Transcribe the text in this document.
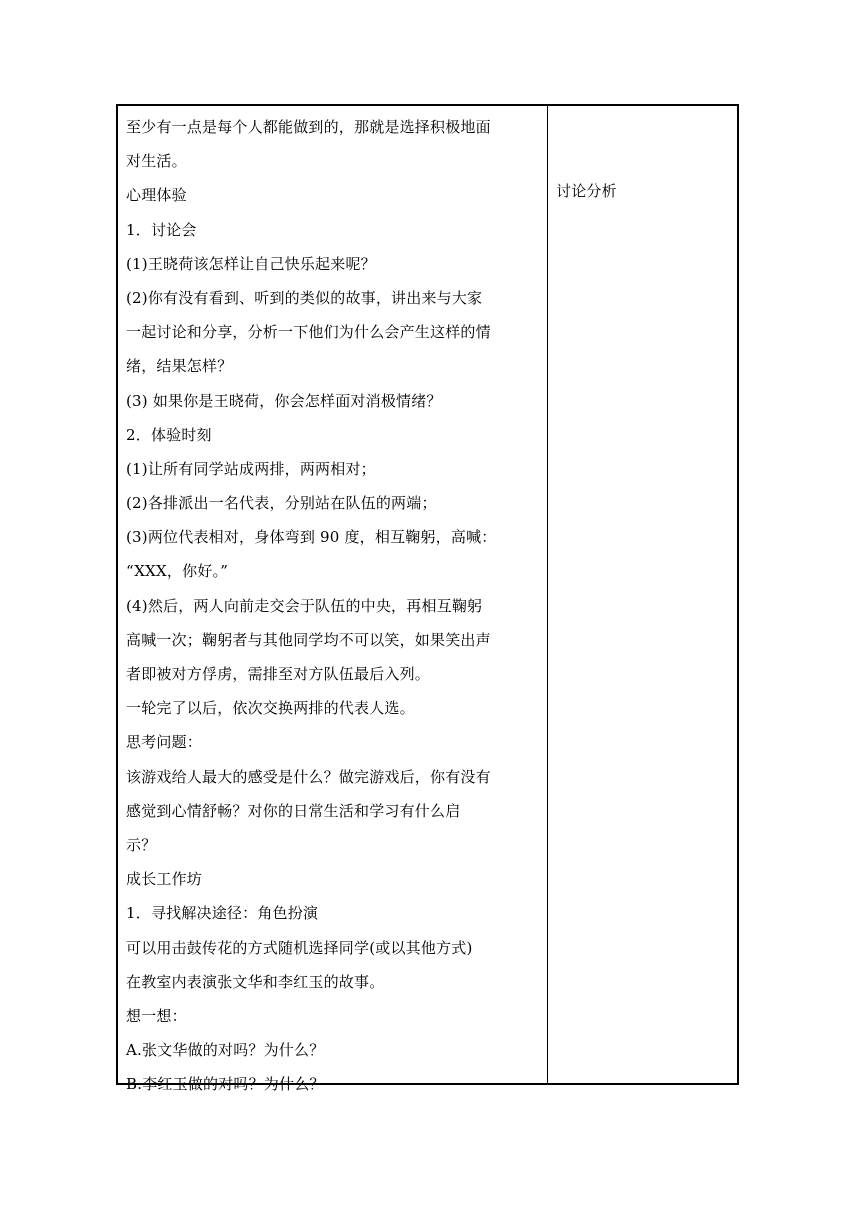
至少有一点是每个人都能做到的，那就是选择积极地面
对生活。
心理体验
1．讨论会
(1)王晓荷该怎样让自己快乐起来呢？
(2)你有没有看到、听到的类似的故事，讲出来与大家
一起讨论和分享，分析一下他们为什么会产生这样的情
绪，结果怎样？
(3) 如果你是王晓荷，你会怎样面对消极情绪？
2．体验时刻
(1)让所有同学站成两排，两两相对；
(2)各排派出一名代表，分别站在队伍的两端；
(3)两位代表相对，身体弯到 90 度，相互鞠躬，高喊：
“XXX，你好。”
(4)然后，两人向前走交会于队伍的中央，再相互鞠躬
高喊一次；鞠躬者与其他同学均不可以笑，如果笑出声
者即被对方俘虏，需排至对方队伍最后入列。
一轮完了以后，依次交换两排的代表人选。
思考问题：
该游戏给人最大的感受是什么？做完游戏后，你有没有
感觉到心情舒畅？对你的日常生活和学习有什么启
示？
成长工作坊
1．寻找解决途径：角色扮演
可以用击鼓传花的方式随机选择同学(或以其他方式)
在教室内表演张文华和李红玉的故事。
想一想：
A.张文华做的对吗？为什么？
B.李红玉做的对吗？为什么？
讨论分析
